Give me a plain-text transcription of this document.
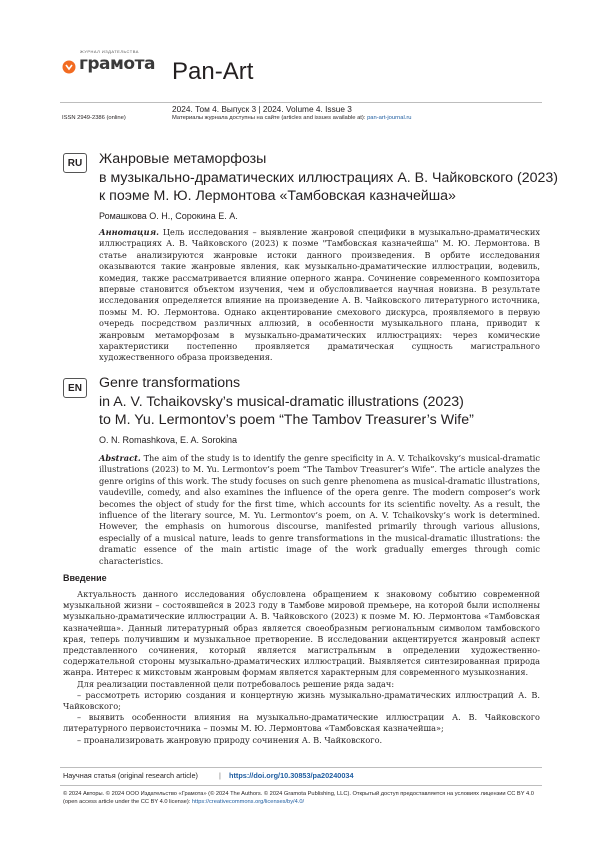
ЖУРНАЛ ИЗДАТЕЛЬСТВА
грамота Pan-Art
2024. Том 4. Выпуск 3 | 2024. Volume 4. Issue 3
ISSN 2949-2386 (online)	Материалы журнала доступны на сайте (articles and issues available at): pan-art-journal.ru
RU	Жанровые метаморфозы
в музыкально-драматических иллюстрациях А. В. Чайковского (2023)
к поэме М. Ю. Лермонтова «Тамбовская казначейша»
Ромашкова О. Н., Сорокина Е. А.
Аннотация. Цель исследования – выявление жанровой специфики в музыкально-драматических иллюстрациях А. В. Чайковского (2023) к поэме "Тамбовская казначейша" М. Ю. Лермонтова. В статье анализируются жанровые истоки данного произведения. В орбите исследования оказываются такие жанровые явления, как музыкально-драматические иллюстрации, водевиль, комедия, также рассматривается влияние оперного жанра. Сочинение современного композитора впервые становится объектом изучения, чем и обусловливается научная новизна. В результате исследования определяется влияние на произведение А. В. Чайковского литературного источника, поэмы М. Ю. Лермонтова. Однако акцентирование смехового дискурса, проявляемого в первую очередь посредством различных аллюзий, в особенности музыкального плана, приводит к жанровым метаморфозам в музыкально-драматических иллюстрациях: через комические характеристики постепенно проявляется драматическая сущность магистрального художественного образа произведения.
EN	Genre transformations
in A. V. Tchaikovsky’s musical-dramatic illustrations (2023)
to M. Yu. Lermontov’s poem “The Tambov Treasurer’s Wife”
O. N. Romashkova, E. A. Sorokina
Abstract. The aim of the study is to identify the genre specificity in A. V. Tchaikovsky’s musical-dramatic illustrations (2023) to M. Yu. Lermontov’s poem “The Tambov Treasurer’s Wife”. The article analyzes the genre origins of this work. The study focuses on such genre phenomena as musical-dramatic illustrations, vaudeville, comedy, and also examines the influence of the opera genre. The modern composer’s work becomes the object of study for the first time, which accounts for its scientific novelty. As a result, the influence of the literary source, M. Yu. Lermontov’s poem, on A. V. Tchaikovsky’s work is determined. However, the emphasis on humorous discourse, manifested primarily through various allusions, especially of a musical nature, leads to genre transformations in the musical-dramatic illustrations: the dramatic essence of the main artistic image of the work gradually emerges through comic characteristics.
Введение

Актуальность данного исследования обусловлена обращением к знаковому событию современной музыкальной жизни – состоявшейся в 2023 году в Тамбове мировой премьере, на которой были исполнены музыкально-драматические иллюстрации А. В. Чайковского (2023) к поэме М. Ю. Лермонтова «Тамбовская казначейша». Данный литературный образ является своеобразным региональным символом тамбовского края, теперь получившим и музыкальное претворение. В исследовании акцентируется жанровый аспект представленного сочинения, который является магистральным в определении художественно-содержательной стороны музыкально-драматических иллюстраций. Выявляется синтезированная природа жанра. Интерес к микстовым жанровым формам является характерным для современного музыкознания.

Для реализации поставленной цели потребовалось решение ряда задач:

– рассмотреть историю создания и концертную жизнь музыкально-драматических иллюстраций А. В. Чайковского;

– выявить особенности влияния на музыкально-драматические иллюстрации А. В. Чайковского литературного первоисточника – поэмы М. Ю. Лермонтова «Тамбовская казначейша»;

– проанализировать жанровую природу сочинения А. В. Чайковского.

Научная статья (original research article)	| https://doi.org/10.30853/pa20240034
© 2024 Авторы. © 2024 ООО Издательство «Грамота» (© 2024 The Authors. © 2024 Gramota Publishing, LLC). Открытый доступ предоставляется на условиях лицензии CC BY 4.0 (open access article under the CC BY 4.0 license): https://creativecommons.org/licenses/by/4.0/
